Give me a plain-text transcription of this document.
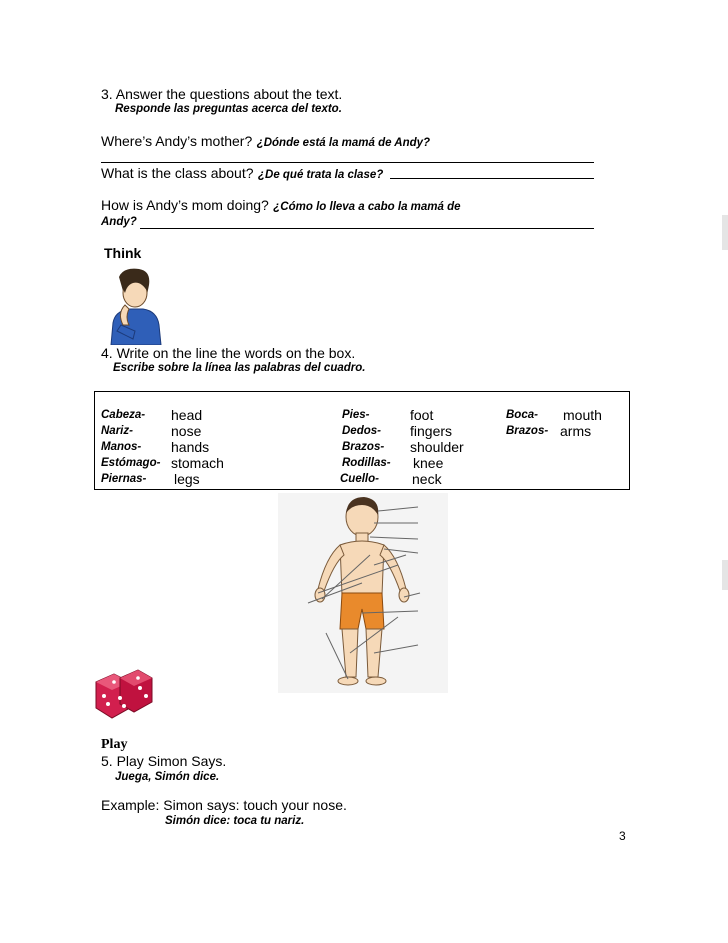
3. Answer the questions about the text.
Responde las preguntas acerca del texto.
Where’s Andy’s mother? ¿Dónde está la mamá de Andy?
What is the class about? ¿De qué trata la clase?
How is Andy’s mom doing? ¿Cómo lo lleva a cabo la mamá de
Andy?
Think
4. Write on the line the words on the box.
Escribe sobre la línea las palabras del cuadro.
Cabeza- head
Nariz-	nose
Manos- hands
Estómago- stomach
Piernas- legs
Pies-	foot
Dedos- fingers
Brazos- shoulder
Rodillas- knee
Cuello- neck
Boca- mouth
Brazos- arms
Play
5. Play Simon Says.
Juega, Simón dice.
Example: Simon says: touch your nose.
Simón dice: toca tu nariz.
3
